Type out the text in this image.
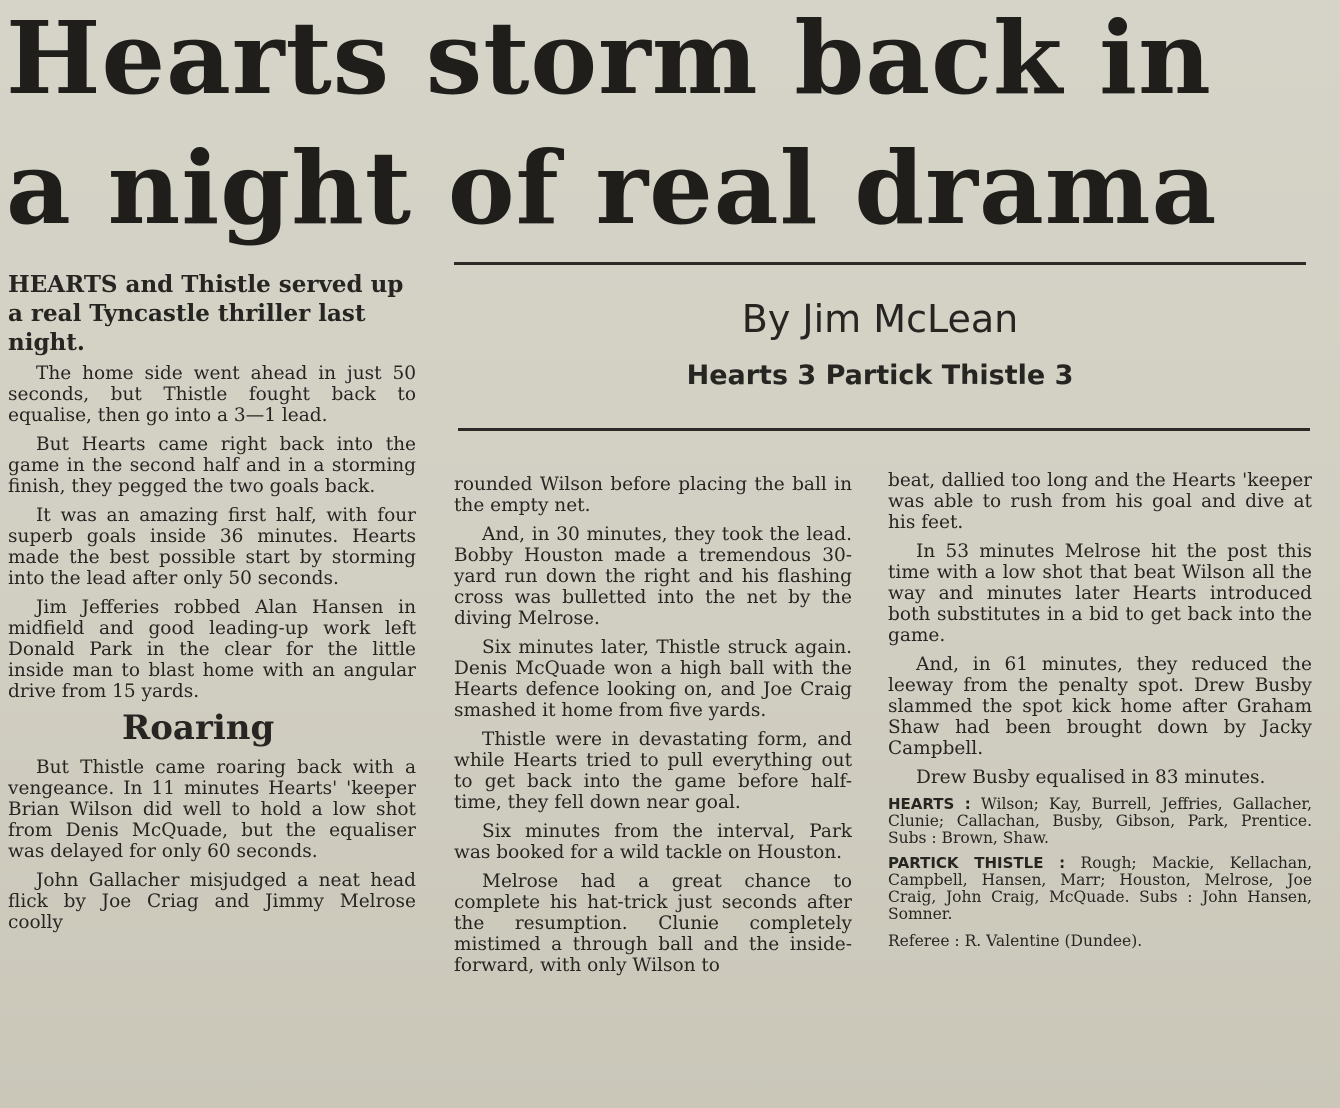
Hearts storm back in
a night of real drama

By Jim McLean

Hearts 3 Partick Thistle 3

HEARTS and Thistle served up a real Tyncastle thriller last night.

The home side went ahead in just 50 seconds, but Thistle fought back to equalise, then go into a 3—1 lead.

But Hearts came right back into the game in the second half and in a storming finish, they pegged the two goals back.

It was an amazing first half, with four superb goals inside 36 minutes. Hearts made the best possible start by storming into the lead after only 50 seconds.

Jim Jefferies robbed Alan Hansen in midfield and good leading-up work left Donald Park in the clear for the little inside man to blast home with an angular drive from 15 yards.

Roaring

But Thistle came roaring back with a vengeance. In 11 minutes Hearts' 'keeper Brian Wilson did well to hold a low shot from Denis McQuade, but the equaliser was delayed for only 60 seconds.

John Gallacher misjudged a neat head flick by Joe Criag and Jimmy Melrose coolly

rounded Wilson before placing the ball in the empty net.

And, in 30 minutes, they took the lead. Bobby Houston made a tremendous 30-yard run down the right and his flashing cross was bulletted into the net by the diving Melrose.

Six minutes later, Thistle struck again. Denis McQuade won a high ball with the Hearts defence looking on, and Joe Craig smashed it home from five yards.

Thistle were in devastating form, and while Hearts tried to pull everything out to get back into the game before half-time, they fell down near goal.

Six minutes from the interval, Park was booked for a wild tackle on Houston.

Melrose had a great chance to complete his hat-trick just seconds after the resumption. Clunie completely mistimed a through ball and the inside-forward, with only Wilson to

beat, dallied too long and the Hearts 'keeper was able to rush from his goal and dive at his feet.

In 53 minutes Melrose hit the post this time with a low shot that beat Wilson all the way and minutes later Hearts introduced both substitutes in a bid to get back into the game.

And, in 61 minutes, they reduced the leeway from the penalty spot. Drew Busby slammed the spot kick home after Graham Shaw had been brought down by Jacky Campbell.

Drew Busby equalised in 83 minutes.

HEARTS : Wilson; Kay, Burrell, Jeffries, Gallacher, Clunie; Callachan, Busby, Gibson, Park, Prentice. Subs : Brown, Shaw.

PARTICK THISTLE : Rough; Mackie, Kellachan, Campbell, Hansen, Marr; Houston, Melrose, Joe Craig, John Craig, McQuade. Subs : John Hansen, Somner.

Referee : R. Valentine (Dundee).
